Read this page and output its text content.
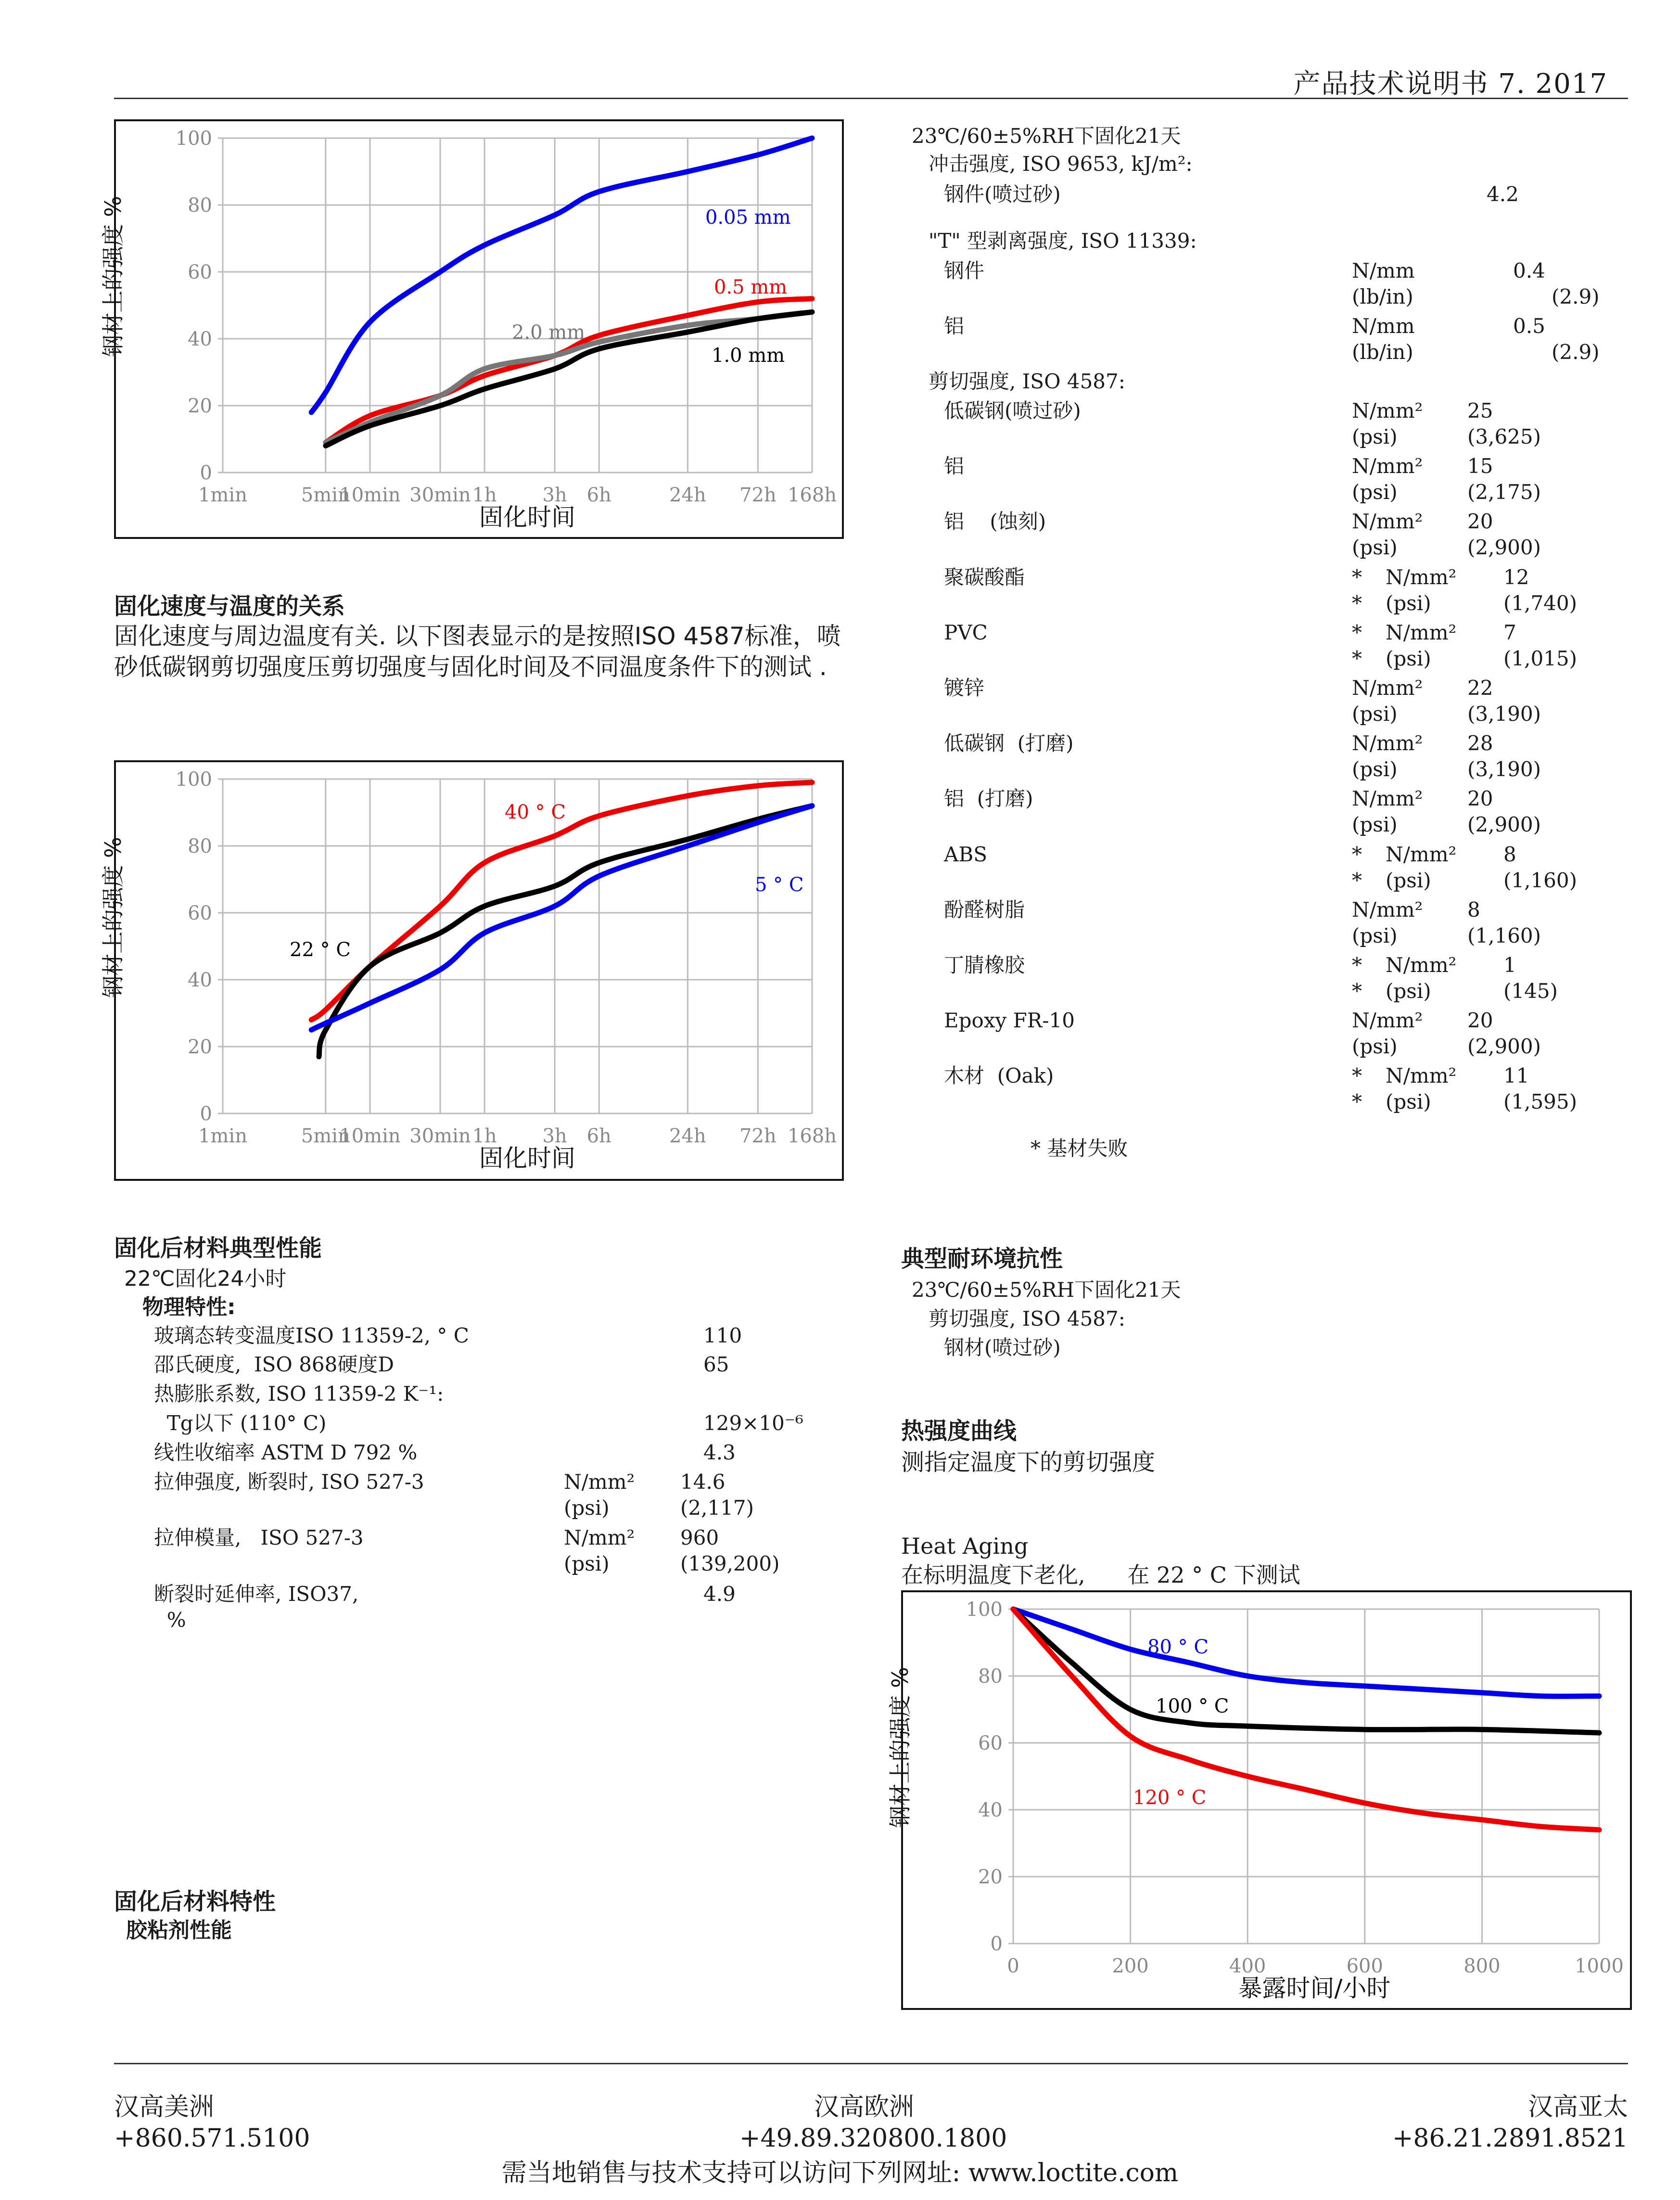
产品技术说明书 7. 2017
1min	5min
10min 30min 1h 3h 6h	24h 72h 168h
0
20
40
60
80
100
钢材上的强度 %
固化时间
0.05 mm
0.5 mm
2.0 mm
1.0 mm
固化速度与温度的关系
固化速度与周边温度有关. 以下图表显示的是按照ISO 4587标准，喷砂低碳钢剪切强度压剪切强度与固化时间及不同温度条件下的测试 .
1min	5min
10min 30min 1h 3h 6h	24h 72h 168h
0
20
40
60
80
100
钢材上的强度 %
固化时间
40 ° C
22 ° C
5 ° C
固化后材料典型性能
22℃固化24小时
物理特性:
固化后材料特性
胶粘剂性能
23℃/60±5%RH下固化21天
冲击强度, ISO 9653, kJ/m²:
钢件(喷过砂)	4.2
"T" 型剥离强度, ISO 11339:
剪切强度, ISO 4587:
* 基材失败
典型耐环境抗性
23℃/60±5%RH下固化21天
剪切强度, ISO 4587:
钢材(喷过砂)
热强度曲线
测指定温度下的剪切强度
Heat Aging
在标明温度下老化,      在 22 ° C 下测试
0	200	400	600	800	1000
0
20
40
60
80
100
钢材上的强度 %
暴露时间/小时
80 ° C
100 ° C
120 ° C
汉高美洲
+860.571.5100
汉高欧洲
+49.89.320800.1800
汉高亚太
+86.21.2891.8521
需当地销售与技术支持可以访问下列网址: www.loctite.com
玻璃态转变温度ISO 11359-2, ° C	110
邵氏硬度,  ISO 868硬度D	65
热膨胀系数, ISO 11359-2 K⁻¹:
Tg以下 (110° C)	129×10⁻⁶
线性收缩率 ASTM D 792 %	4.3
拉伸强度, 断裂时, ISO 527-3	N/mm² 14.6
(psi)	(2,117)
拉伸模量,   ISO 527-3	N/mm² 960
(psi)	(139,200)
断裂时延伸率, ISO37,	4.9
%
钢件	N/mm	0.4
(lb/in)	(2.9)
铝	N/mm	0.5
(lb/in)	(2.9)
低碳钢(喷过砂)	N/mm² 25
(psi)	(3,625)
铝	N/mm² 15
(psi)	(2,175)
铝    (蚀刻)	N/mm² 20
(psi)	(2,900)
聚碳酸酯	* N/mm² 12
* (psi)	(1,740)
PVC	* N/mm² 7
* (psi)	(1,015)
镀锌	N/mm² 22
(psi)	(3,190)
低碳钢  (打磨)	N/mm² 28
(psi)	(3,190)
铝  (打磨)	N/mm² 20
(psi)	(2,900)
ABS	* N/mm² 8
* (psi)	(1,160)
酚醛树脂	N/mm² 8
(psi)	(1,160)
丁腈橡胶	* N/mm² 1
* (psi)	(145)
Epoxy FR-10	N/mm² 20
(psi)	(2,900)
木材  (Oak)	* N/mm² 11
* (psi)	(1,595)
